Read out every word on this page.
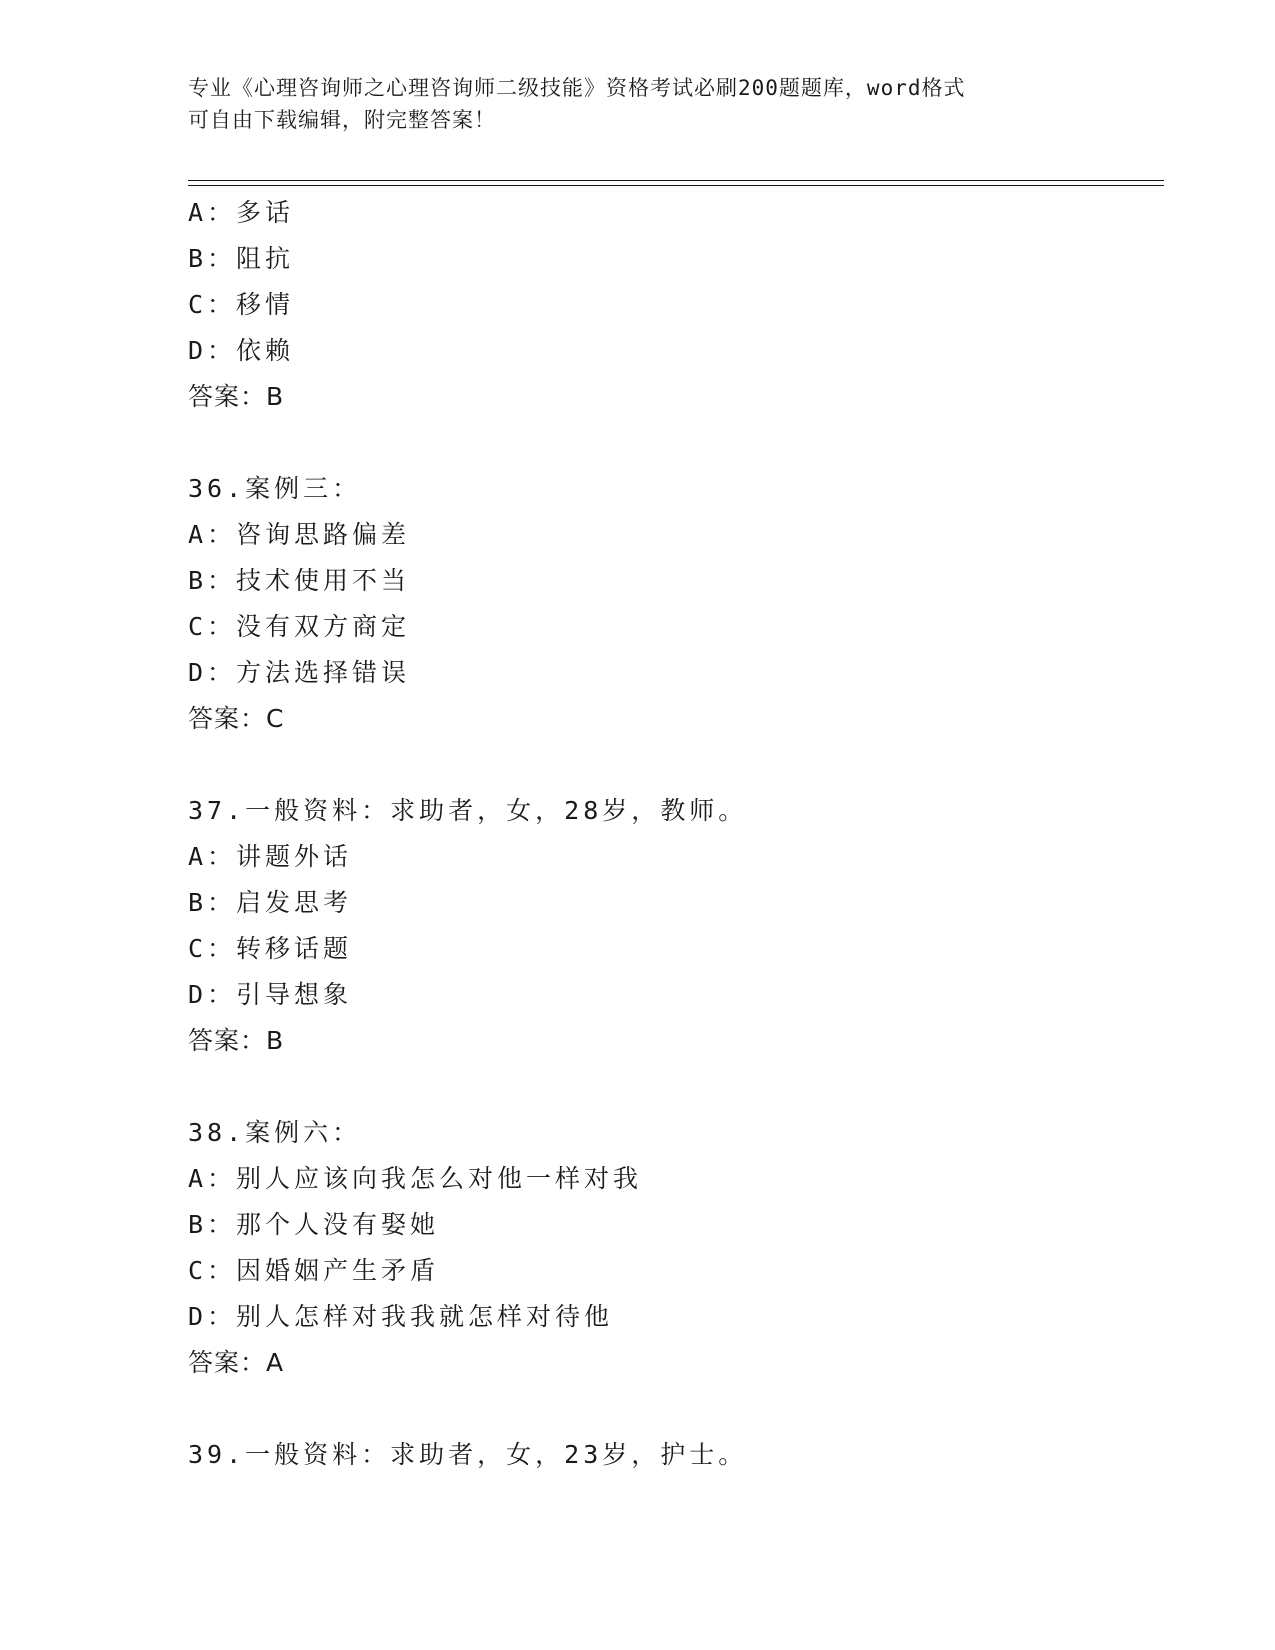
专业《心理咨询师之心理咨询师二级技能》资格考试必刷200题题库，word格式
可自由下载编辑，附完整答案！
A：多话
B：阻抗
C：移情
D：依赖
答案：B
36.案例三：
A：咨询思路偏差
B：技术使用不当
C：没有双方商定
D：方法选择错误
答案：C
37.一般资料：求助者，女，28岁，教师。
A：讲题外话
B：启发思考
C：转移话题
D：引导想象
答案：B
38.案例六：
A：别人应该向我怎么对他一样对我
B：那个人没有娶她
C：因婚姻产生矛盾
D：别人怎样对我我就怎样对待他
答案：A
39.一般资料：求助者，女，23岁，护士。
